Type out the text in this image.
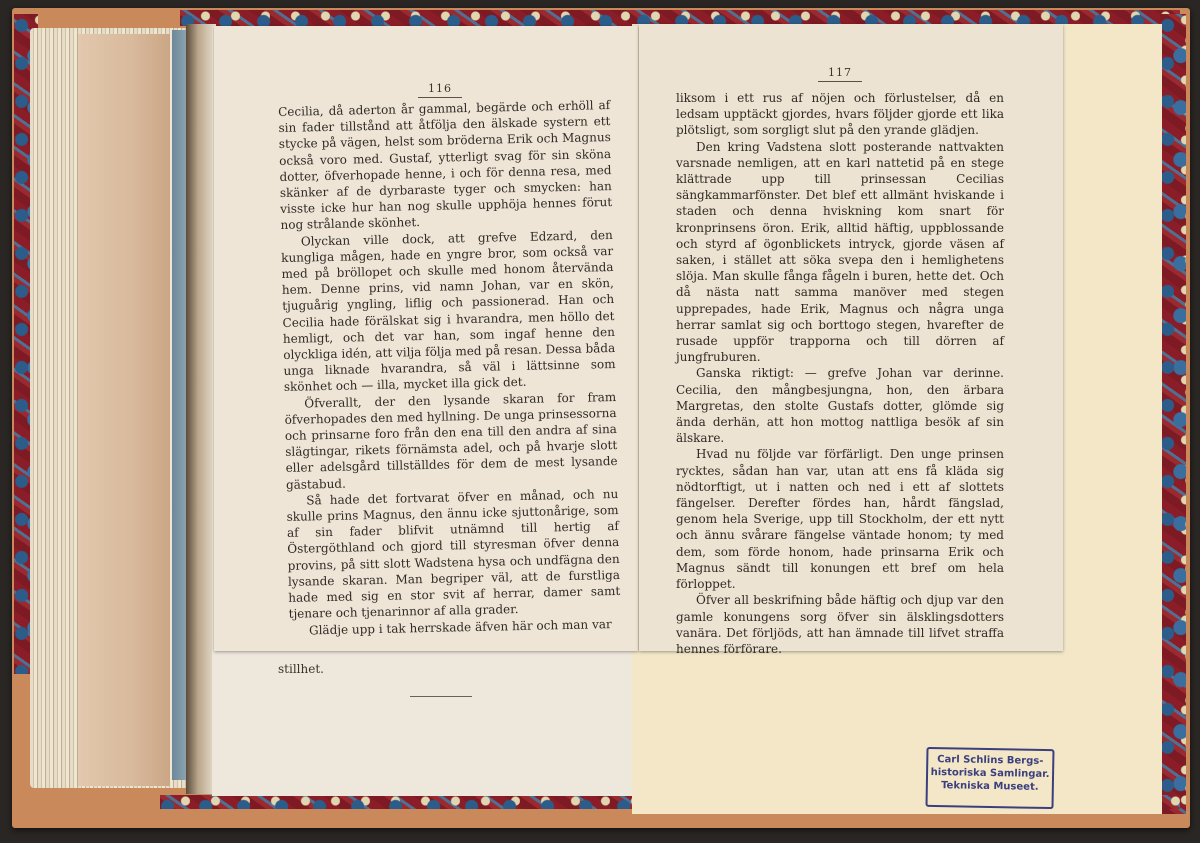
stillhet.
Carl Schlins Bergs-
historiska Samlingar.
Tekniska Museet.
116

Cecilia, då aderton år gammal, begärde och erhöll af sin fader tillstånd att åtfölja den älskade systern ett stycke på vägen, helst som bröderna Erik och Magnus också voro med. Gustaf, ytterligt svag för sin sköna dotter, öfverhopade henne, i och för denna resa, med skänker af de dyrbaraste tyger och smycken: han visste icke hur han nog skulle upphöja hennes förut nog strålande skönhet.

Olyckan ville dock, att grefve Edzard, den kungliga mågen, hade en yngre bror, som också var med på bröllopet och skulle med honom återvända hem. Denne prins, vid namn Johan, var en skön, tjuguårig yngling, liflig och passionerad. Han och Cecilia hade förälskat sig i hvarandra, men höllo det hemligt, och det var han, som ingaf henne den olyckliga idén, att vilja följa med på resan. Dessa båda unga liknade hvarandra, så väl i lättsinne som skönhet och — illa, mycket illa gick det.

Öfverallt, der den lysande skaran for fram öfverhopades den med hyllning. De unga prinsessorna och prinsarne foro från den ena till den andra af sina slägtingar, rikets förnämsta adel, och på hvarje slott eller adelsgård tillställdes för dem de mest lysande gästabud.

Så hade det fortvarat öfver en månad, och nu skulle prins Magnus, den ännu icke sjuttonårige, som af sin fader blifvit utnämnd till hertig af Östergöthland och gjord till styresman öfver denna provins, på sitt slott Wadstena hysa och undfägna den lysande skaran. Man begriper väl, att de furstliga hade med sig en stor svit af herrar, damer samt tjenare och tjenarinnor af alla grader.

Glädje upp i tak herrskade äfven här och man var

117

liksom i ett rus af nöjen och förlustelser, då en ledsam upptäckt gjordes, hvars följder gjorde ett lika plötsligt, som sorgligt slut på den yrande glädjen.

Den kring Vadstena slott posterande nattvakten varsnade nemligen, att en karl nattetid på en stege klättrade upp till prinsessan Cecilias sängkammarfönster. Det blef ett allmänt hviskande i staden och denna hviskning kom snart för kronprinsens öron. Erik, alltid häftig, uppblossande och styrd af ögonblickets intryck, gjorde väsen af saken, i stället att söka svepa den i hemlighetens slöja. Man skulle fånga fågeln i buren, hette det. Och då nästa natt samma manöver med stegen upprepades, hade Erik, Magnus och några unga herrar samlat sig och borttogo stegen, hvarefter de rusade uppför trapporna och till dörren af jungfruburen.

Ganska riktigt: — grefve Johan var derinne. Cecilia, den mångbesjungna, hon, den ärbara Margretas, den stolte Gustafs dotter, glömde sig ända derhän, att hon mottog nattliga besök af sin älskare.

Hvad nu följde var förfärligt. Den unge prinsen rycktes, sådan han var, utan att ens få kläda sig nödtorftigt, ut i natten och ned i ett af slottets fängelser. Derefter fördes han, hårdt fängslad, genom hela Sverige, upp till Stockholm, der ett nytt och ännu svårare fängelse väntade honom; ty med dem, som förde honom, hade prinsarna Erik och Magnus sändt till konungen ett bref om hela förloppet.

Öfver all beskrifning både häftig och djup var den gamle konungens sorg öfver sin älsklingsdotters vanära. Det förljöds, att han ämnade till lifvet straffa hennes förförare.
